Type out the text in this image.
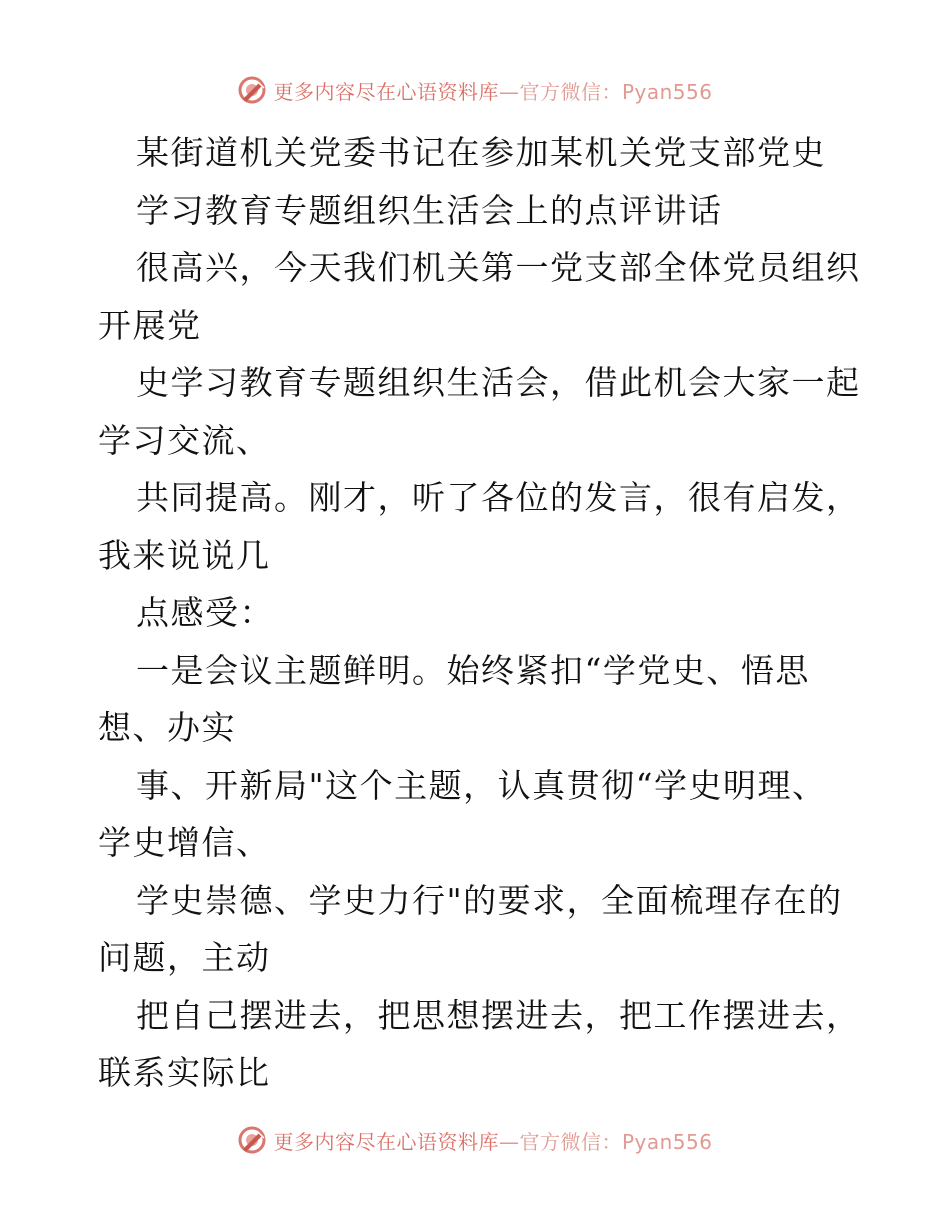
更多内容尽在心语资料库—官方微信：Pyan556
某街道机关党委书记在参加某机关党支部党史
学习教育专题组织生活会上的点评讲话
很高兴，今天我们机关第一党支部全体党员组织
开展党
史学习教育专题组织生活会，借此机会大家一起
学习交流、
共同提高。刚才，听了各位的发言，很有启发，
我来说说几
点感受：
一是会议主题鲜明。始终紧扣“学党史、悟思
想、办实
事、开新局"这个主题，认真贯彻“学史明理、
学史增信、
学史崇德、学史力行"的要求，全面梳理存在的
问题，主动
把自己摆进去，把思想摆进去，把工作摆进去，
联系实际比
更多内容尽在心语资料库—官方微信：Pyan556
